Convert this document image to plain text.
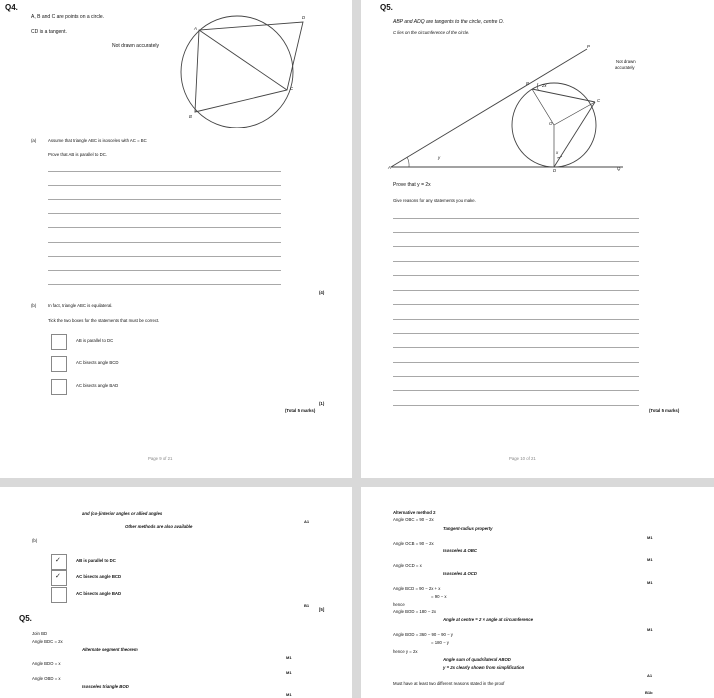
Q4.
A, B and C are points on a circle.
CD is a tangent.
Not drawn accurately
A
B
C
D
(a)	Assume that triangle ABC is isosceles with AC = BC
Prove that AB is parallel to DC.
(4)
(b)	In fact, triangle ABC is equilateral.
Tick the two boxes for the statements that must be correct.
AB is parallel to DC
AC bisects angle BCD
AC bisects angle BAD
(1)
(Total 5 marks)
Page 9 of 21
Q5.
ABP and ADQ are tangents to the circle, centre O.
C lies on the circumference of the circle.
Not drawn
accurately
A
B
C
D
O
P
Q
y
2x
x
Prove that y = 2x
Give reasons for any statements you make.
(Total 5 marks)
Page 10 of 21
and (co-)interior angles or allied angles
A1
Other methods are also available
(b)
✓	AB is parallel to DC
✓	AC bisects angle BCD
AC bisects angle BAD
B1
[5]
Q5.
Join BD
Angle BDC = 2x
Alternate segment theorem
M1
Angle BDO = x
M1
Angle OBD = x
Isosceles triangle BOD
M1
Alternative method 2
Angle OBC = 90 − 2x
Tangent-radius property
M1
Angle OCB = 90 − 2x
Isosceles Δ OBC
M1
Angle OCD = x
Isosceles Δ OCD
M1
Angle BCD = 90 − 2x + x
= 90 − x
hence
Angle BOD = 180 − 2x
Angle at centre = 2 × angle at circumference
M1
Angle BOD = 360 − 90 − 90 − y
= 180 − y
hence y = 2x
Angle sum of quadrilateral ABOD
y = 2x clearly shown from simplification
A1
Must have at least two different reasons stated in the proof
B1b
